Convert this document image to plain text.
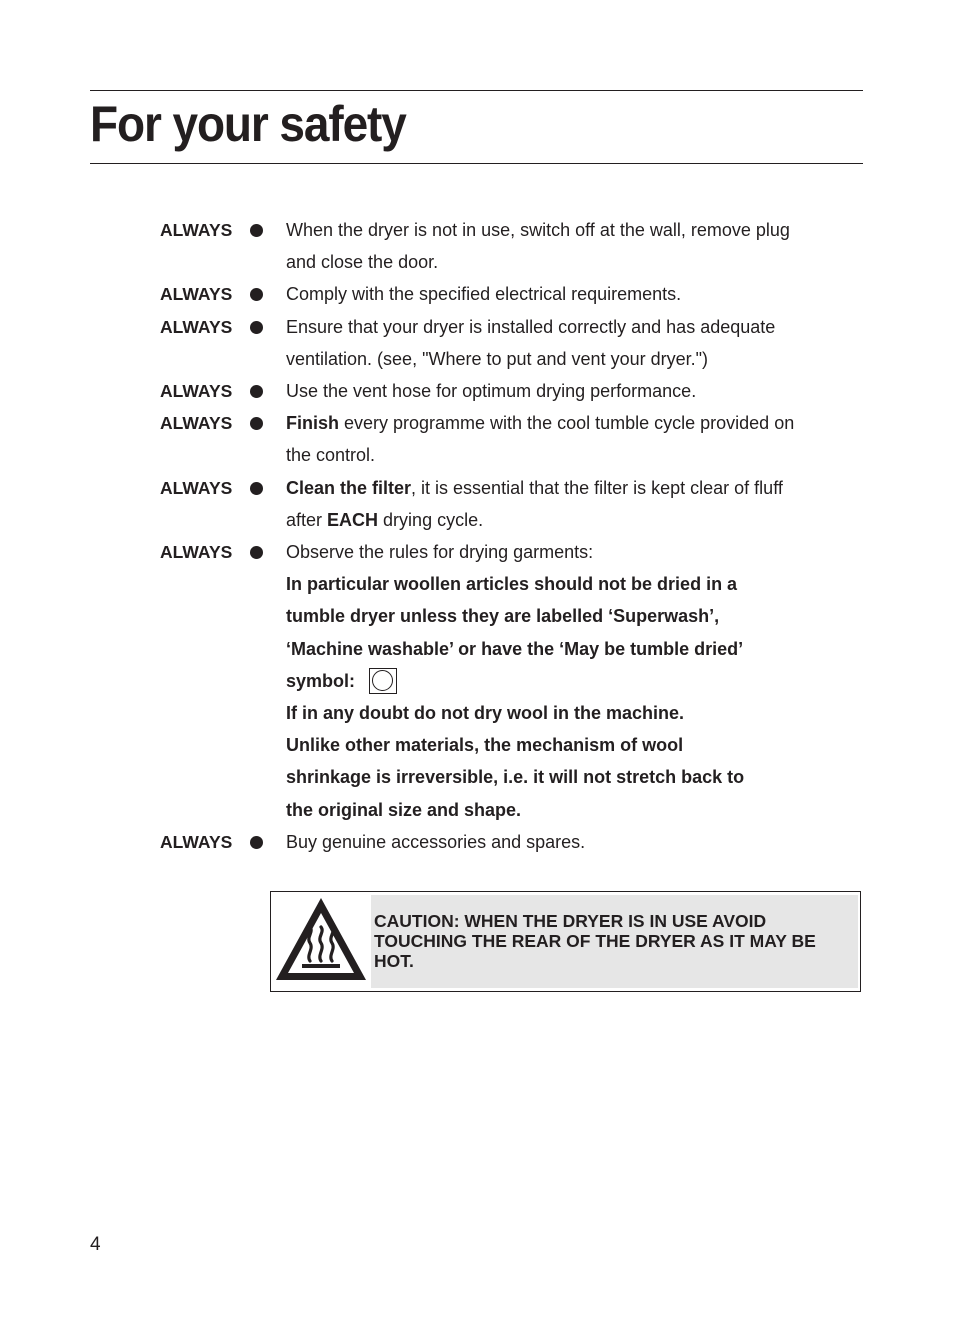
For your safety
ALWAYS	When the dryer is not in use, switch off at the wall, remove plug
and close the door.
ALWAYS	Comply with the specified electrical requirements.
ALWAYS	Ensure that your dryer is installed correctly and has adequate
ventilation. (see, "Where to put and vent your dryer.")
ALWAYS	Use the vent hose for optimum drying performance.
ALWAYS	Finish every programme with the cool tumble cycle provided on
the control.
ALWAYS	Clean the filter, it is essential that the filter is kept clear of fluff
after EACH drying cycle.
ALWAYS	Observe the rules for drying garments:
In particular woollen articles should not be dried in a
tumble dryer unless they are labelled ‘Superwash’,
‘Machine washable’ or have the ‘May be tumble dried’
symbol:
If in any doubt do not dry wool in the machine.
Unlike other materials, the mechanism of wool
shrinkage is irreversible, i.e. it will not stretch back to
the original size and shape.
ALWAYS	Buy genuine accessories and spares.
CAUTION: WHEN THE DRYER IS IN USE AVOID
TOUCHING THE REAR OF THE DRYER AS IT MAY BE
HOT.
4
